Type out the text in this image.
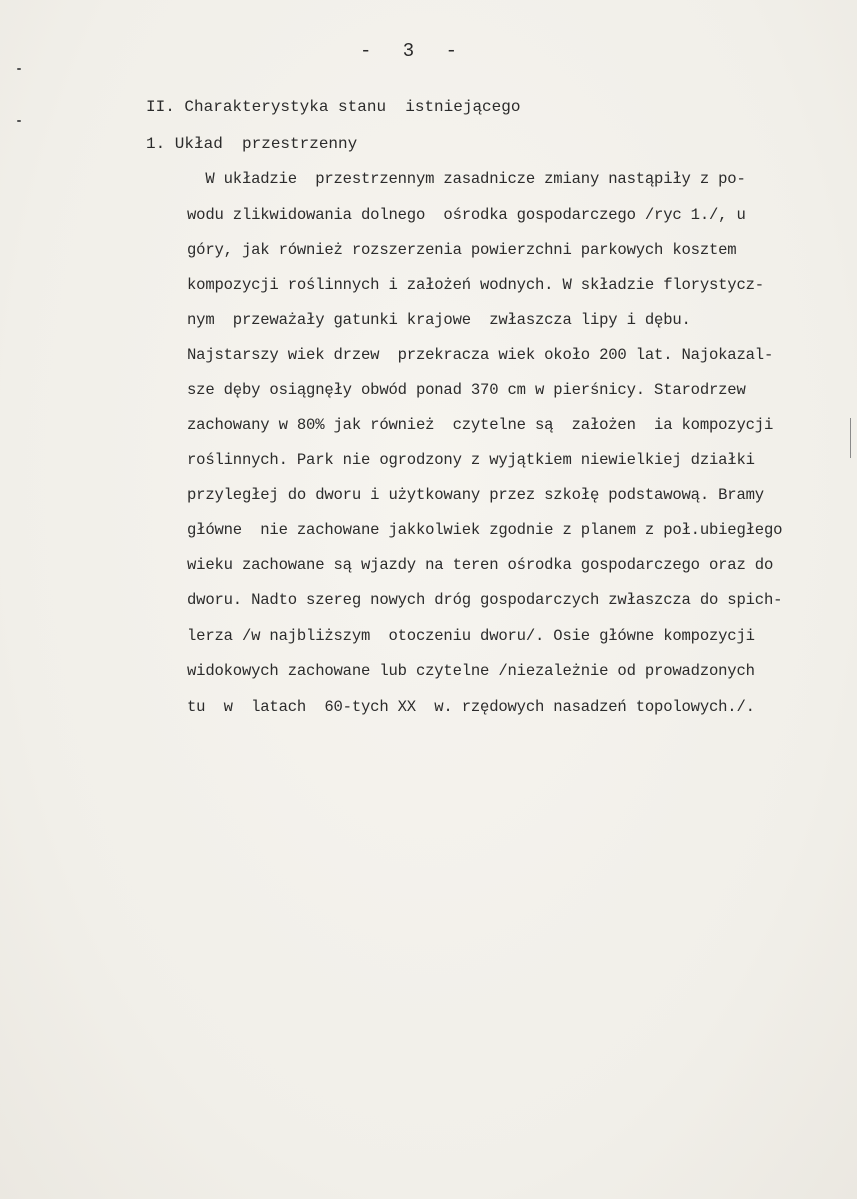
- 3 -
II. Charakterystyka stanu  istniejącego
1. Układ  przestrzenny
W układzie  przestrzennym zasadnicze zmiany nastąpiły z po-
wodu zlikwidowania dolnego  ośrodka gospodarczego /ryc 1./, u
góry, jak również rozszerzenia powierzchni parkowych kosztem
kompozycji roślinnych i założeń wodnych. W składzie florystycz-
nym  przeważały gatunki krajowe  zwłaszcza lipy i dębu.
Najstarszy wiek drzew  przekracza wiek około 200 lat. Najokazal-
sze dęby osiągnęły obwód ponad 370 cm w pierśnicy. Starodrzew
zachowany w 80% jak również  czytelne są  założen  ia kompozycji
roślinnych. Park nie ogrodzony z wyjątkiem niewielkiej działki
przyległej do dworu i użytkowany przez szkołę podstawową. Bramy
główne  nie zachowane jakkolwiek zgodnie z planem z poł.ubiegłego
wieku zachowane są wjazdy na teren ośrodka gospodarczego oraz do
dworu. Nadto szereg nowych dróg gospodarczych zwłaszcza do spich-
lerza /w najbliższym  otoczeniu dworu/. Osie główne kompozycji
widokowych zachowane lub czytelne /niezależnie od prowadzonych
tu  w  latach  60-tych XX  w. rzędowych nasadzeń topolowych./.
